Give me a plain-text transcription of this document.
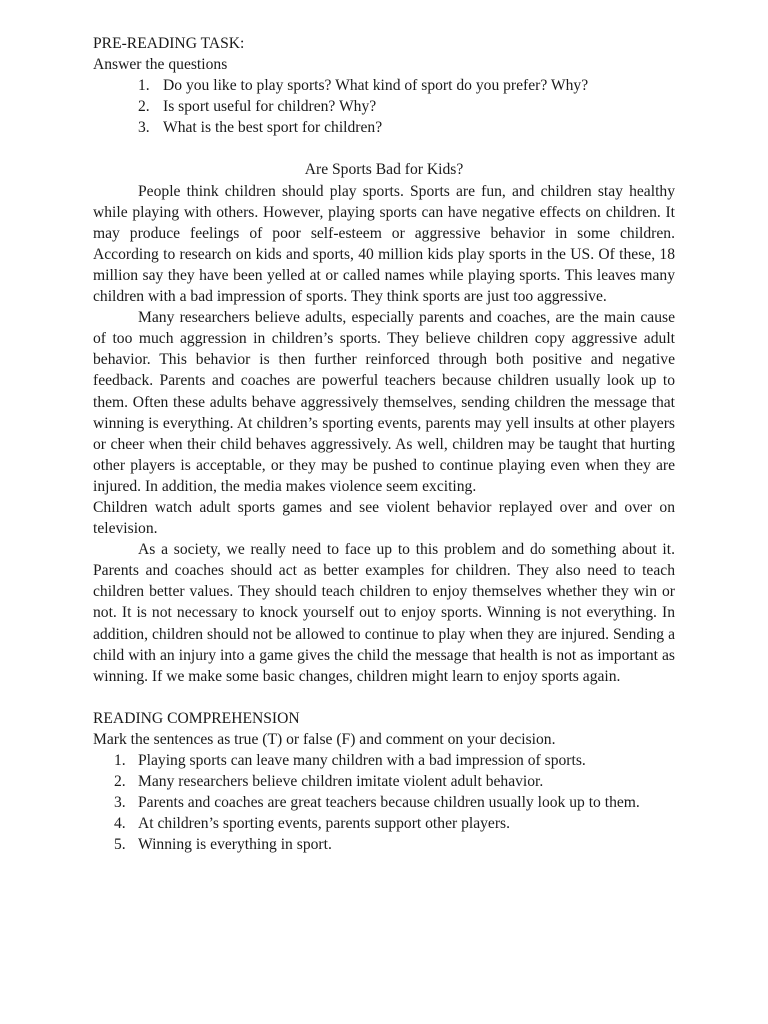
PRE-READING TASK:
Answer the questions
1. Do you like to play sports? What kind of sport do you prefer? Why?
2. Is sport useful for children? Why?
3. What is the best sport for children?
Are Sports Bad for Kids?

People think children should play sports. Sports are fun, and children stay healthy while playing with others. However, playing sports can have negative effects on children. It may produce feelings of poor self-esteem or aggressive behavior in some children. According to research on kids and sports, 40 million kids play sports in the US. Of these, 18 million say they have been yelled at or called names while playing sports. This leaves many children with a bad impression of sports. They think sports are just too aggressive.

Many researchers believe adults, especially parents and coaches, are the main cause of too much aggression in children’s sports. They believe children copy aggressive adult behavior. This behavior is then further reinforced through both positive and negative feedback. Parents and coaches are powerful teachers because children usually look up to them. Often these adults behave aggressively themselves, sending children the message that winning is everything. At children’s sporting events, parents may yell insults at other players or cheer when their child behaves aggressively. As well, children may be taught that hurting other players is acceptable, or they may be pushed to continue playing even when they are injured. In addition, the media makes violence seem exciting.

Children watch adult sports games and see violent behavior replayed over and over on television.

As a society, we really need to face up to this problem and do something about it. Parents and coaches should act as better examples for children. They also need to teach children better values. They should teach children to enjoy themselves whether they win or not. It is not necessary to knock yourself out to enjoy sports. Winning is not everything. In addition, children should not be allowed to continue to play when they are injured. Sending a child with an injury into a game gives the child the message that health is not as important as winning. If we make some basic changes, children might learn to enjoy sports again.

READING COMPREHENSION
Mark the sentences as true (T) or false (F) and comment on your decision.
1. Playing sports can leave many children with a bad impression of sports.
2. Many researchers believe children imitate violent adult behavior.
3. Parents and coaches are great teachers because children usually look up to them.
4. At children’s sporting events, parents support other players.
5. Winning is everything in sport.
